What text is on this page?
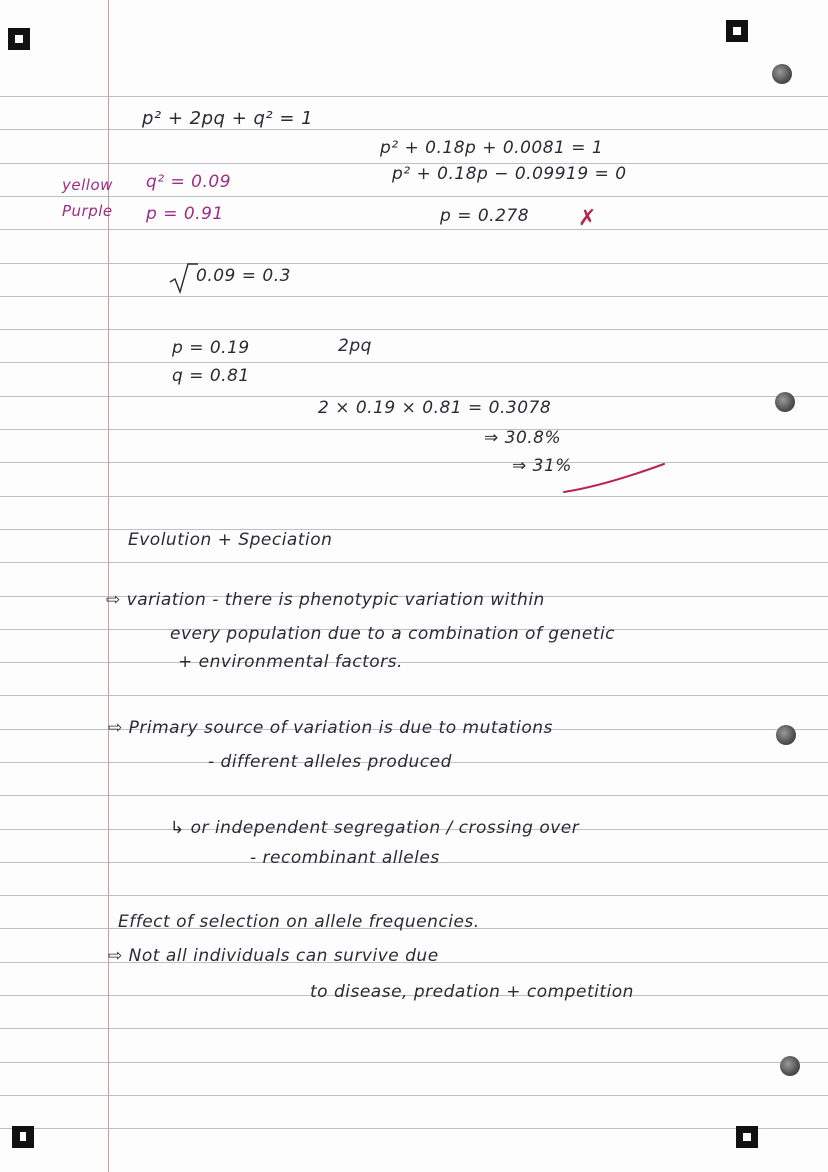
p² + 2pq + q² = 1
yellow q² = 0.09
Purple p = 0.91
0.09 = 0.3
p² + 0.18p + 0.0081 = 1
p² + 0.18p − 0.09919 = 0
p = 0.278 ✗
p = 0.19
q = 0.81
2pq
2 × 0.19 × 0.81 = 0.3078
⇒ 30.8%
⇒ 31%
Evolution + Speciation
⇨ variation - there is phenotypic variation within
every population due to a combination of genetic
+ environmental factors.
⇨ Primary source of variation is due to mutations
- different alleles produced
↳ or independent segregation / crossing over
- recombinant alleles
Effect of selection on allele frequencies.
⇨ Not all individuals can survive due
to disease, predation + competition
